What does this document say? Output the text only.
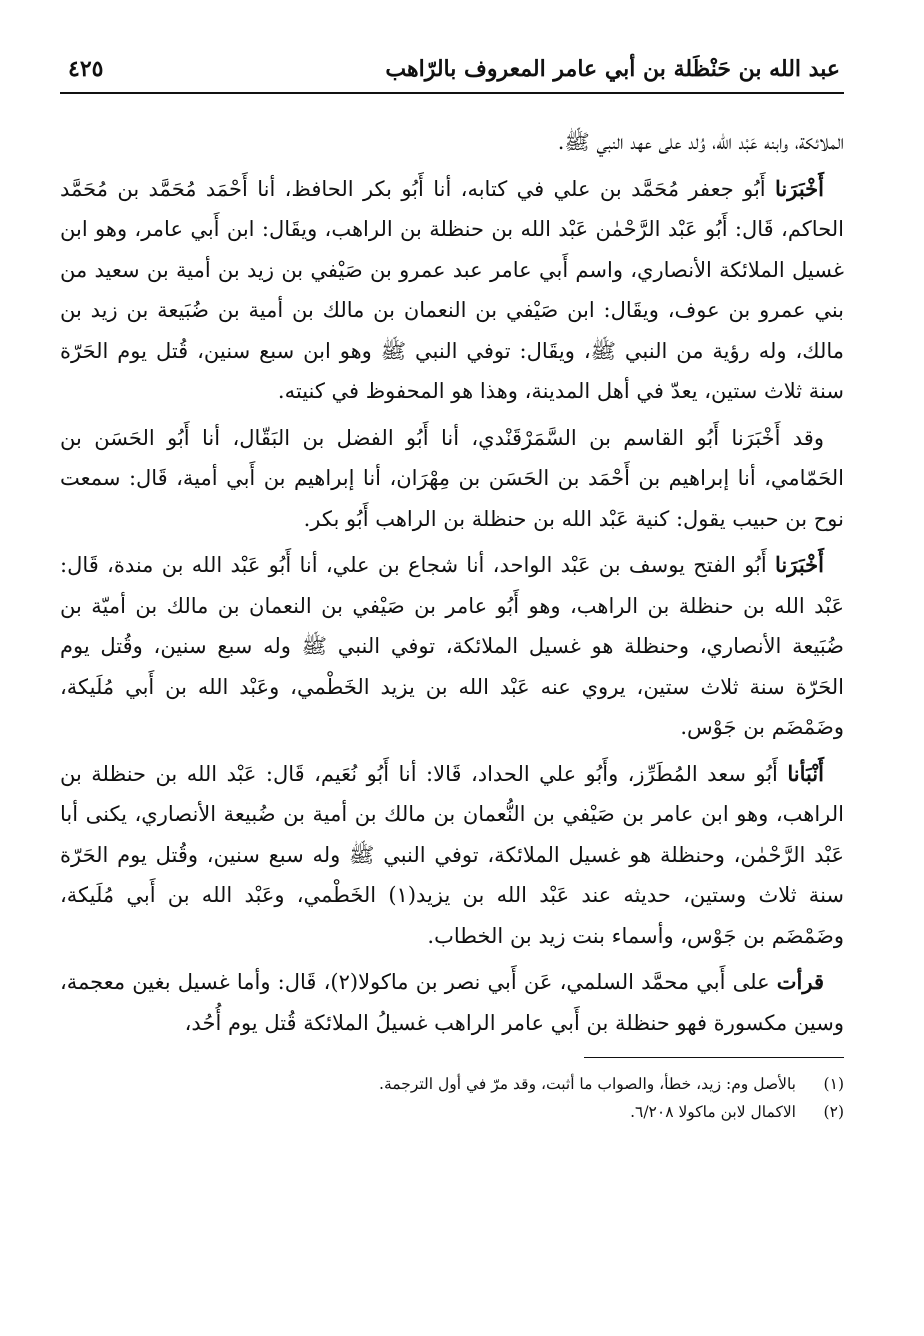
عبد الله بن حَنْظَلة بن أبي عامر المعروف بالرّاهب
٤٢٥

الملائكة، وابنه عَبْد الله، وُلد على عهد النبي ﷺ.

أَخْبَرَنا أَبُو جعفر مُحَمَّد بن علي في كتابه، أنا أَبُو بكر الحافظ، أنا أَحْمَد مُحَمَّد بن مُحَمَّد الحاكم، قَال: أَبُو عَبْد الرَّحْمٰن عَبْد الله بن حنظلة بن الراهب، ويقَال: ابن أَبي عامر، وهو ابن غسيل الملائكة الأنصاري، واسم أَبي عامر عبد عمرو بن صَيْفي بن زيد بن أمية بن سعيد من بني عمرو بن عوف، ويقَال: ابن صَيْفي بن النعمان بن مالك بن أمية بن ضُبَيعة بن زيد بن مالك، وله رؤية من النبي ﷺ، ويقَال: توفي النبي ﷺ وهو ابن سبع سنين، قُتل يوم الحَرّة سنة ثلاث ستين، يعدّ في أهل المدينة، وهذا هو المحفوظ في كنيته.

وقد أَخْبَرَنا أَبُو القاسم بن السَّمَرْقَنْدي، أنا أَبُو الفضل بن البَقّال، أنا أَبُو الحَسَن بن الحَمّامي، أنا إبراهيم بن أَحْمَد بن الحَسَن بن مِهْرَان، أنا إبراهيم بن أَبي أمية، قَال: سمعت نوح بن حبيب يقول: كنية عَبْد الله بن حنظلة بن الراهب أَبُو بكر.

أَخْبَرَنا أَبُو الفتح يوسف بن عَبْد الواحد، أنا شجاع بن علي، أنا أَبُو عَبْد الله بن مندة، قَال: عَبْد الله بن حنظلة بن الراهب، وهو أَبُو عامر بن صَيْفي بن النعمان بن مالك بن أميّة بن ضُبَيعة الأنصاري، وحنظلة هو غسيل الملائكة، توفي النبي ﷺ وله سبع سنين، وقُتل يوم الحَرّة سنة ثلاث ستين، يروي عنه عَبْد الله بن يزيد الخَطْمي، وعَبْد الله بن أَبي مُلَيكة، وضَمْضَم بن جَوْس.

أَنْبَأنا أَبُو سعد المُطَرِّز، وأَبُو علي الحداد، قَالا: أنا أَبُو نُعَيم، قَال: عَبْد الله بن حنظلة بن الراهب، وهو ابن عامر بن صَيْفي بن النُّعمان بن مالك بن أمية بن ضُبيعة الأنصاري، يكنى أبا عَبْد الرَّحْمٰن، وحنظلة هو غسيل الملائكة، توفي النبي ﷺ وله سبع سنين، وقُتل يوم الحَرّة سنة ثلاث وستين، حديثه عند عَبْد الله بن يزيد(١) الخَطْمي، وعَبْد الله بن أَبي مُلَيكة، وضَمْضَم بن جَوْس، وأسماء بنت زيد بن الخطاب.

قرأت على أَبي محمَّد السلمي، عَن أَبي نصر بن ماكولا(٢)، قَال: وأما غسيل بغين معجمة، وسين مكسورة فهو حنظلة بن أَبي عامر الراهب غسيلُ الملائكة قُتل يوم أُحُد،

(١)
بالأصل وم: زيد، خطأ، والصواب ما أثبت، وقد مرّ في أول الترجمة.
(٢)
الاكمال لابن ماكولا ٦/٢٠٨.
